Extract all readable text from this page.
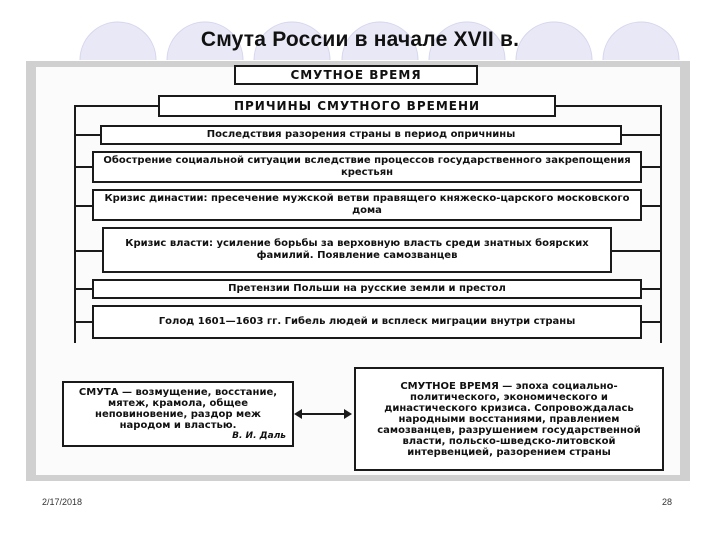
Смута России в начале XVII в.
СМУТНОЕ ВРЕМЯ
ПРИЧИНЫ СМУТНОГО ВРЕМЕНИ
Последствия разорения страны в период опричнины
Обострение социальной ситуации вследствие процессов государственного закрепощения крестьян
Кризис династии: пресечение мужской ветви правящего княжеско-царского московского дома
Кризис власти: усиление борьбы за верховную власть среди знатных боярских фамилий. Появление самозванцев
Претензии Польши на русские земли и престол
Голод 1601—1603 гг. Гибель людей и всплеск миграции внутри страны
СМУТА — возмущение, восстание, мятеж, крамола, общее неповиновение, раздор меж народом и властью.
В. И. Даль
СМУТНОЕ ВРЕМЯ — эпоха социально-политического, экономического и династического кризиса. Сопровождалась народными восстаниями, правлением самозванцев, разрушением государственной власти, польско-шведско-литовской интервенцией, разорением страны
2/17/2018	28
